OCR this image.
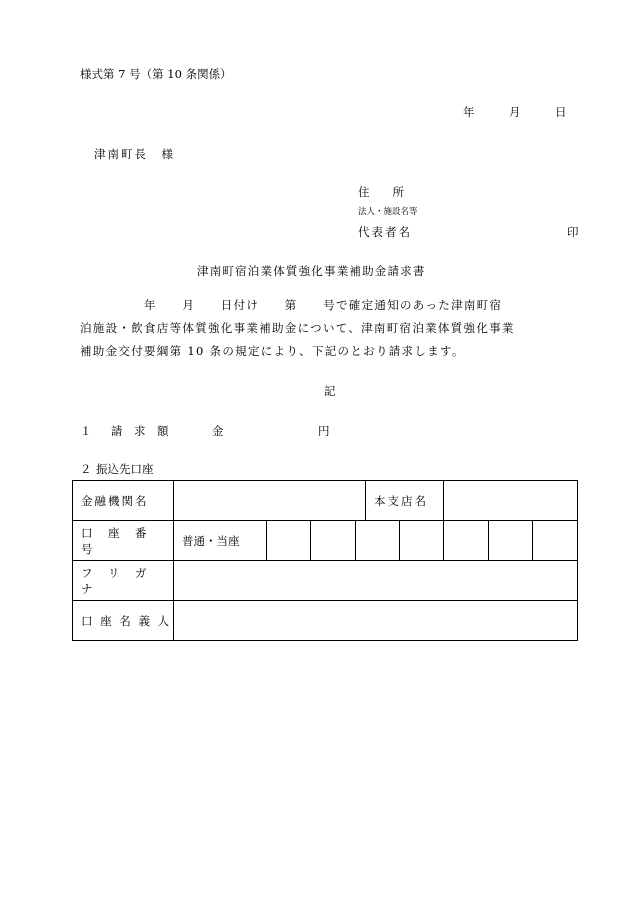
様式第 7 号（第 10 条関係）
年	月	日
津南町長　様
住　　所
法人・施設名等
代表者名	印
津南町宿泊業体質強化事業補助金請求書
　　　　　年　　月　　日付け　　第　　号で確定通知のあった津南町宿
泊施設・飲食店等体質強化事業補助金について、津南町宿泊業体質強化事業
補助金交付要綱第 10 条の規定により、下記のとおり請求します。
記
１ 請　求　額	金	円
２ 振込先口座
金融機関名					本支店名				
口　座　番　号	普通・当座								
フ　リ　ガ　ナ									
口 座 名 義 人									
